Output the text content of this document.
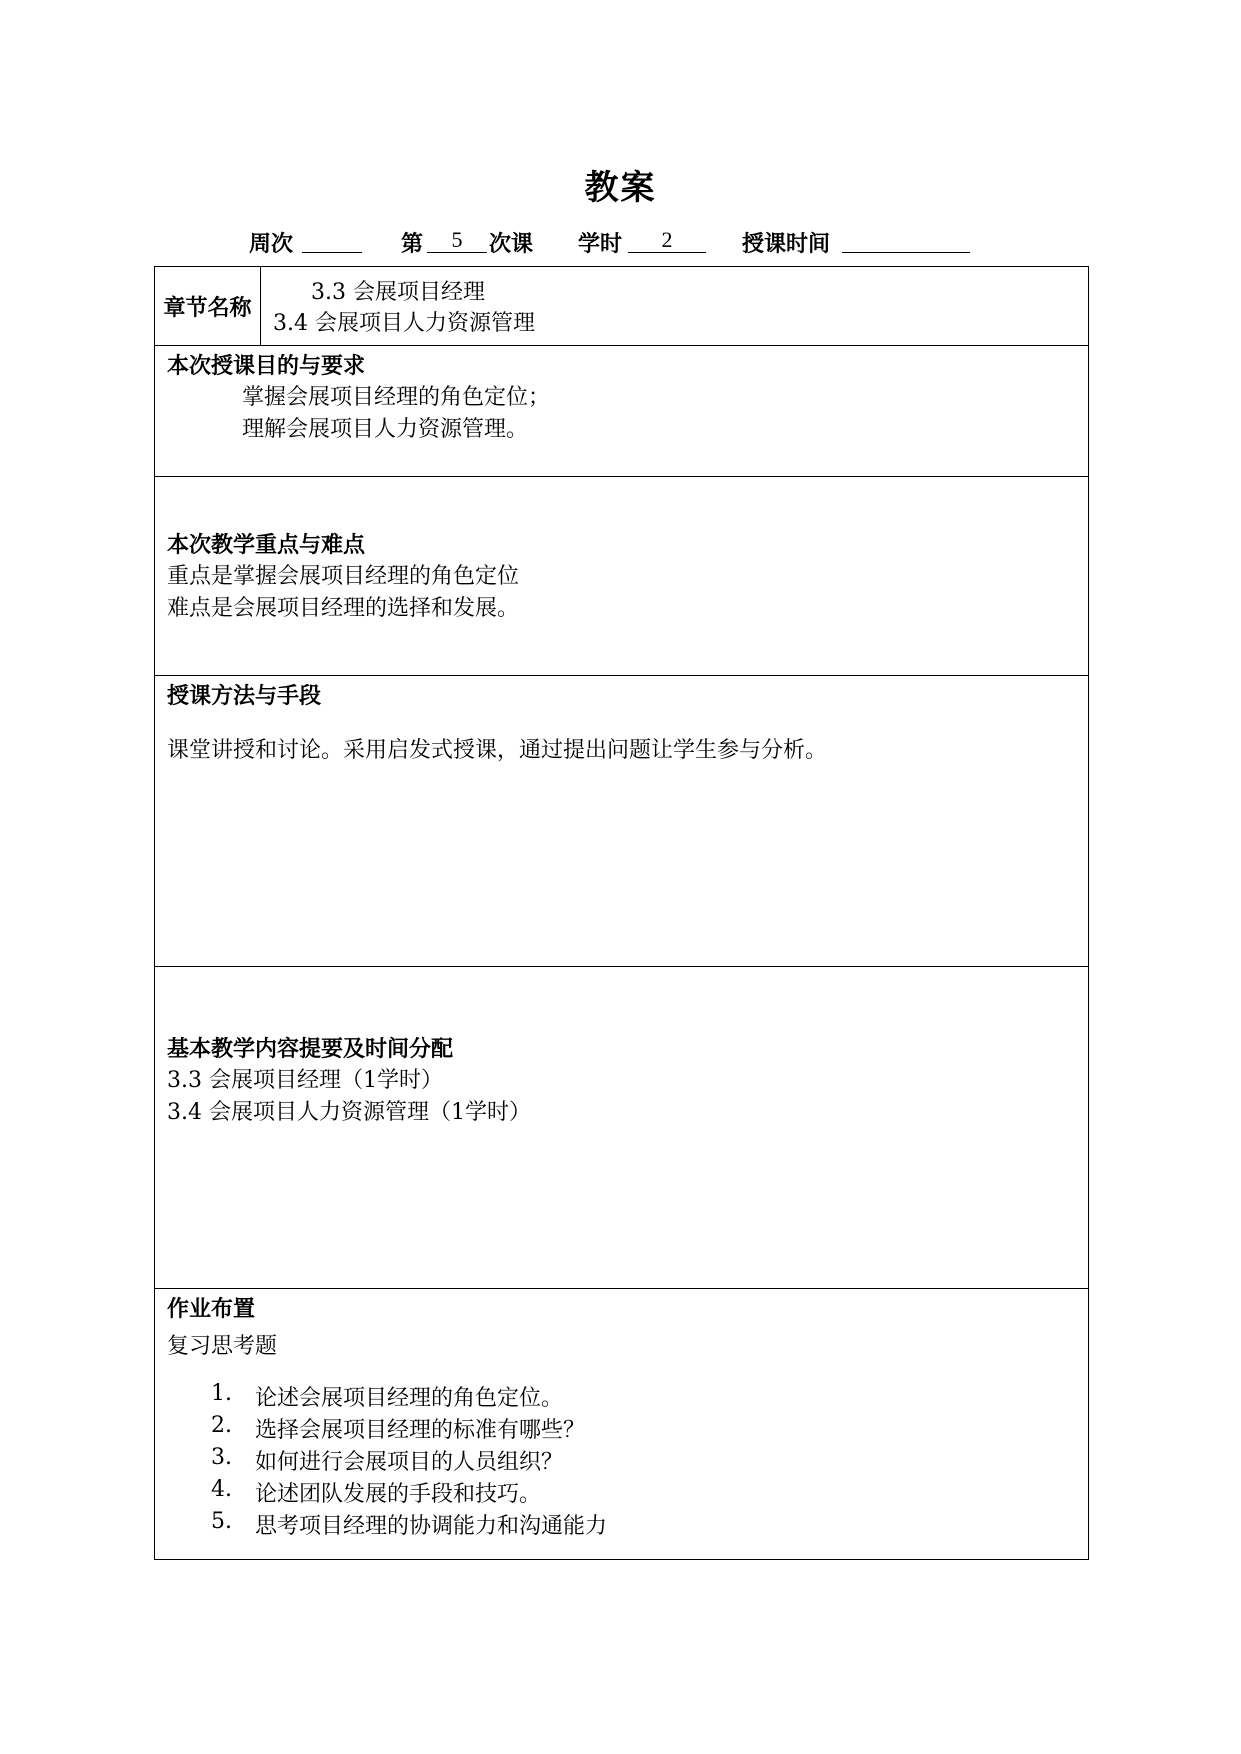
教案
周次	第	5	次课 学时	2	授课时间
章节名称
3.3 会展项目经理
3.4 会展项目人力资源管理
本次授课目的与要求
掌握会展项目经理的角色定位；
理解会展项目人力资源管理。
本次教学重点与难点
重点是掌握会展项目经理的角色定位
难点是会展项目经理的选择和发展。
授课方法与手段
课堂讲授和讨论。采用启发式授课，通过提出问题让学生参与分析。
基本教学内容提要及时间分配
3.3 会展项目经理（1学时）
3.4 会展项目人力资源管理（1学时）
作业布置
复习思考题
1. 论述会展项目经理的角色定位。
2. 选择会展项目经理的标准有哪些？
3. 如何进行会展项目的人员组织？
4. 论述团队发展的手段和技巧。
5. 思考项目经理的协调能力和沟通能力
